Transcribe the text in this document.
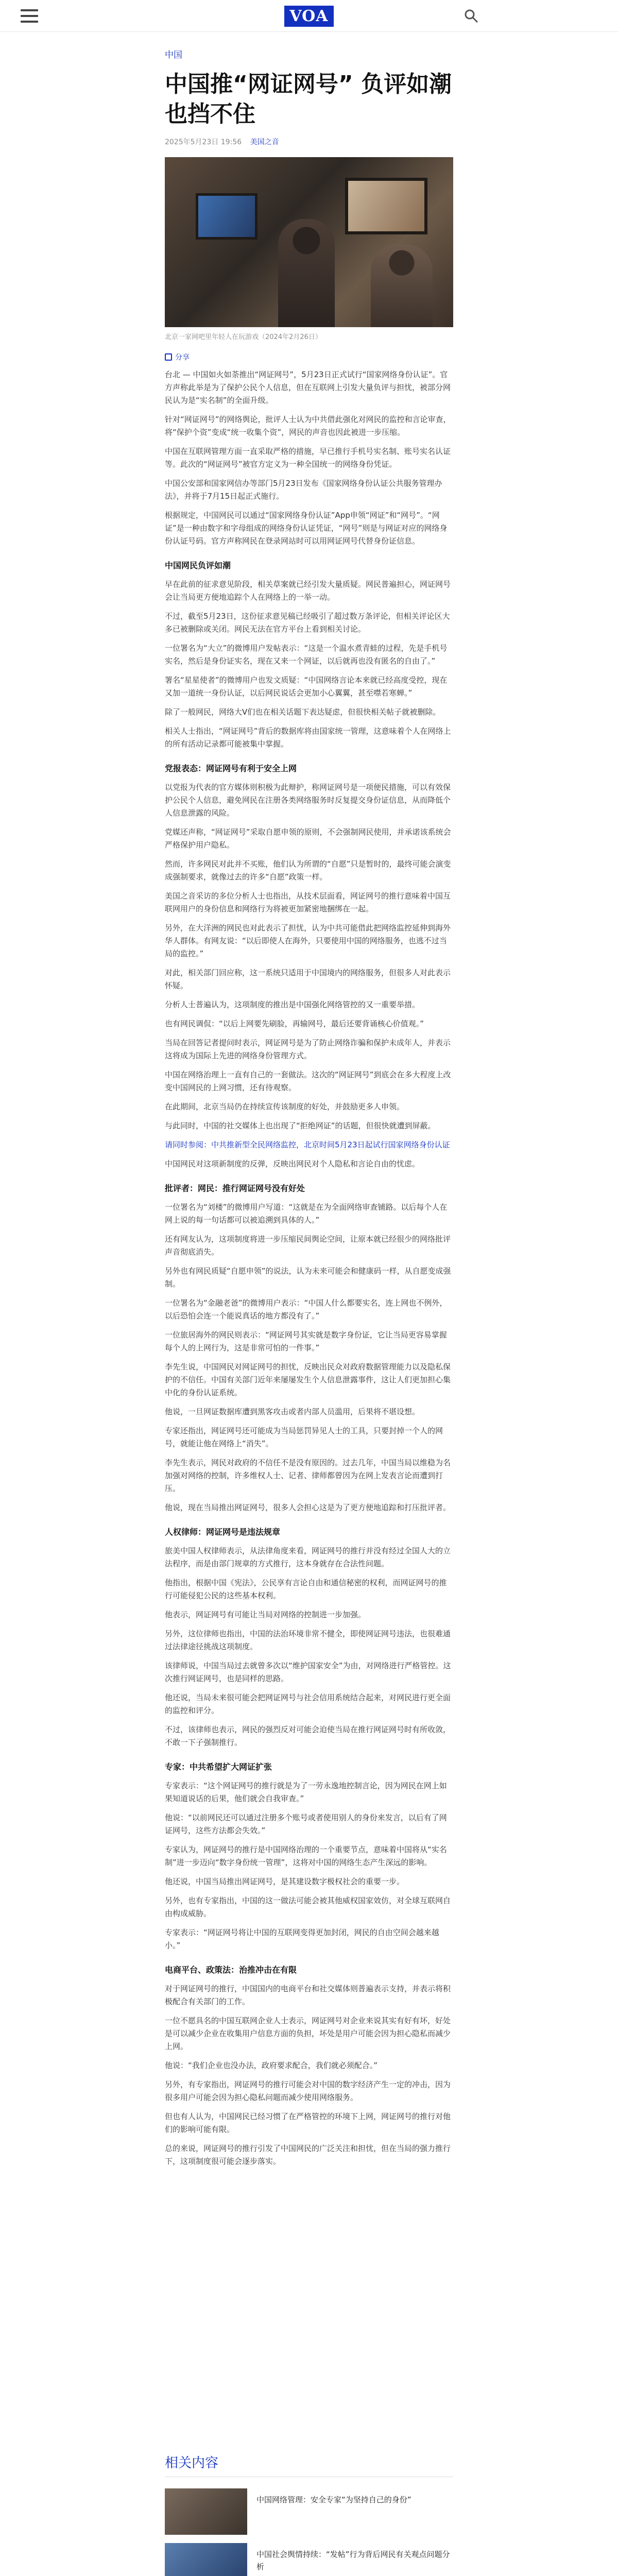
VOA
中国
中国推“网证网号” 负评如潮也挡不住
2025年5月23日 19:56 美国之音
北京一家网吧里年轻人在玩游戏（2024年2月26日）
分享

台北 — 中国如火如荼推出“网证网号”，5月23日正式试行“国家网络身份认证”。官方声称此举是为了保护公民个人信息，但在互联网上引发大量负评与担忧，被部分网民认为是“实名制”的全面升级。

针对“网证网号”的网络舆论，批评人士认为中共借此强化对网民的监控和言论审查，将“保护个资”变成“统一收集个资”，网民的声音也因此被进一步压缩。

中国在互联网管理方面一直采取严格的措施，早已推行手机号实名制、账号实名认证等。此次的“网证网号”被官方定义为一种全国统一的网络身份凭证。

中国公安部和国家网信办等部门5月23日发布《国家网络身份认证公共服务管理办法》，并将于7月15日起正式施行。

根据规定，中国网民可以通过“国家网络身份认证”App申领“网证”和“网号”。“网证”是一种由数字和字母组成的网络身份认证凭证，“网号”则是与网证对应的网络身份认证号码。官方声称网民在登录网站时可以用网证网号代替身份证信息。

中国网民负评如潮

早在此前的征求意见阶段，相关草案就已经引发大量质疑。网民普遍担心，网证网号会让当局更方便地追踪个人在网络上的一举一动。

不过，截至5月23日，这份征求意见稿已经吸引了超过数万条评论，但相关评论区大多已被删除或关闭。网民无法在官方平台上看到相关讨论。

一位署名为“大立”的微博用户发帖表示：“这是一个温水煮青蛙的过程，先是手机号实名，然后是身份证实名，现在又来一个网证，以后就再也没有匿名的自由了。”

署名“星星使者”的微博用户也发文质疑：“中国网络言论本来就已经高度受控，现在又加一道统一身份认证，以后网民说话会更加小心翼翼，甚至噤若寒蝉。”

除了一般网民，网络大V们也在相关话题下表达疑虑，但很快相关帖子就被删除。

相关人士指出，“网证网号”背后的数据库将由国家统一管理，这意味着个人在网络上的所有活动记录都可能被集中掌握。

党报表态：网证网号有利于安全上网

以党报为代表的官方媒体则积极为此辩护，称网证网号是一项便民措施，可以有效保护公民个人信息，避免网民在注册各类网络服务时反复提交身份证信息，从而降低个人信息泄露的风险。

党媒还声称，“网证网号”采取自愿申领的原则，不会强制网民使用，并承诺该系统会严格保护用户隐私。

然而，许多网民对此并不买账，他们认为所谓的“自愿”只是暂时的，最终可能会演变成强制要求，就像过去的许多“自愿”政策一样。

美国之音采访的多位分析人士也指出，从技术层面看，网证网号的推行意味着中国互联网用户的身份信息和网络行为将被更加紧密地捆绑在一起。

另外，在大洋洲的网民也对此表示了担忧，认为中共可能借此把网络监控延伸到海外华人群体。有网友说：“以后即使人在海外，只要使用中国的网络服务，也逃不过当局的监控。”

对此，相关部门回应称，这一系统只适用于中国境内的网络服务，但很多人对此表示怀疑。

分析人士普遍认为，这项制度的推出是中国强化网络管控的又一重要举措。

也有网民调侃：“以后上网要先刷脸，再输网号，最后还要背诵核心价值观。”

当局在回答记者提问时表示，网证网号是为了防止网络诈骗和保护未成年人，并表示这将成为国际上先进的网络身份管理方式。

中国在网络治理上一直有自己的一套做法。这次的“网证网号”到底会在多大程度上改变中国网民的上网习惯，还有待观察。

在此期间，北京当局仍在持续宣传该制度的好处，并鼓励更多人申领。

与此同时，中国的社交媒体上也出现了“拒绝网证”的话题，但很快就遭到屏蔽。

请同时参阅：中共推新型全民网络监控，北京时间5月23日起试行国家网络身份认证

中国网民对这项新制度的反弹，反映出网民对个人隐私和言论自由的忧虑。

批评者：网民：推行网证网号没有好处

一位署名为“刘楼”的微博用户写道：“这就是在为全面网络审查铺路。以后每个人在网上说的每一句话都可以被追溯到具体的人。”

还有网友认为，这项制度将进一步压缩民间舆论空间，让原本就已经很少的网络批评声音彻底消失。

另外也有网民质疑“自愿申领”的说法，认为未来可能会和健康码一样，从自愿变成强制。

一位署名为“金融老爸”的微博用户表示：“中国人什么都要实名，连上网也不例外，以后恐怕会连一个能说真话的地方都没有了。”

一位旅居海外的网民则表示：“网证网号其实就是数字身份证，它让当局更容易掌握每个人的上网行为，这是非常可怕的一件事。”

李先生说，中国网民对网证网号的担忧，反映出民众对政府数据管理能力以及隐私保护的不信任。中国有关部门近年来屡屡发生个人信息泄露事件，这让人们更加担心集中化的身份认证系统。

他说，一旦网证数据库遭到黑客攻击或者内部人员滥用，后果将不堪设想。

专家还指出，网证网号还可能成为当局惩罚异见人士的工具，只要封掉一个人的网号，就能让他在网络上“消失”。

李先生表示，网民对政府的不信任不是没有原因的。过去几年，中国当局以维稳为名加强对网络的控制，许多维权人士、记者、律师都曾因为在网上发表言论而遭到打压。

他说，现在当局推出网证网号，很多人会担心这是为了更方便地追踪和打压批评者。

人权律师：网证网号是违法规章

旅美中国人权律师表示，从法律角度来看，网证网号的推行并没有经过全国人大的立法程序，而是由部门规章的方式推行，这本身就存在合法性问题。

他指出，根据中国《宪法》，公民享有言论自由和通信秘密的权利，而网证网号的推行可能侵犯公民的这些基本权利。

他表示，网证网号有可能让当局对网络的控制进一步加强。

另外，这位律师也指出，中国的法治环境非常不健全，即使网证网号违法，也很难通过法律途径挑战这项制度。

该律师说，中国当局过去就曾多次以“维护国家安全”为由，对网络进行严格管控。这次推行网证网号，也是同样的思路。

他还说，当局未来很可能会把网证网号与社会信用系统结合起来，对网民进行更全面的监控和评分。

不过，该律师也表示，网民的强烈反对可能会迫使当局在推行网证网号时有所收敛，不敢一下子强制推行。

专家：中共希望扩大网证扩张

专家表示：“这个网证网号的推行就是为了一劳永逸地控制言论，因为网民在网上如果知道说话的后果，他们就会自我审查。”

他说：“以前网民还可以通过注册多个账号或者使用别人的身份来发言，以后有了网证网号，这些方法都会失效。”

专家认为，网证网号的推行是中国网络治理的一个重要节点，意味着中国将从“实名制”进一步迈向“数字身份统一管理”，这将对中国的网络生态产生深远的影响。

他还说，中国当局推出网证网号，是其建设数字极权社会的重要一步。

另外，也有专家指出，中国的这一做法可能会被其他威权国家效仿，对全球互联网自由构成威胁。

专家表示：“网证网号将让中国的互联网变得更加封闭，网民的自由空间会越来越小。”

电商平台、政策法：治推冲击在有限

对于网证网号的推行，中国国内的电商平台和社交媒体则普遍表示支持，并表示将积极配合有关部门的工作。

一位不愿具名的中国互联网企业人士表示，网证网号对企业来说其实有好有坏，好处是可以减少企业在收集用户信息方面的负担，坏处是用户可能会因为担心隐私而减少上网。

他说：“我们企业也没办法，政府要求配合，我们就必须配合。”

另外，有专家指出，网证网号的推行可能会对中国的数字经济产生一定的冲击，因为很多用户可能会因为担心隐私问题而减少使用网络服务。

但也有人认为，中国网民已经习惯了在严格管控的环境下上网，网证网号的推行对他们的影响可能有限。

总的来说，网证网号的推行引发了中国网民的广泛关注和担忧，但在当局的强力推行下，这项制度很可能会逐步落实。

相关内容
中国网络管理：安全专家“为坚持自己的身份”
中国社会舆情持续：“发帖”行为背后网民有关观点问题分析
